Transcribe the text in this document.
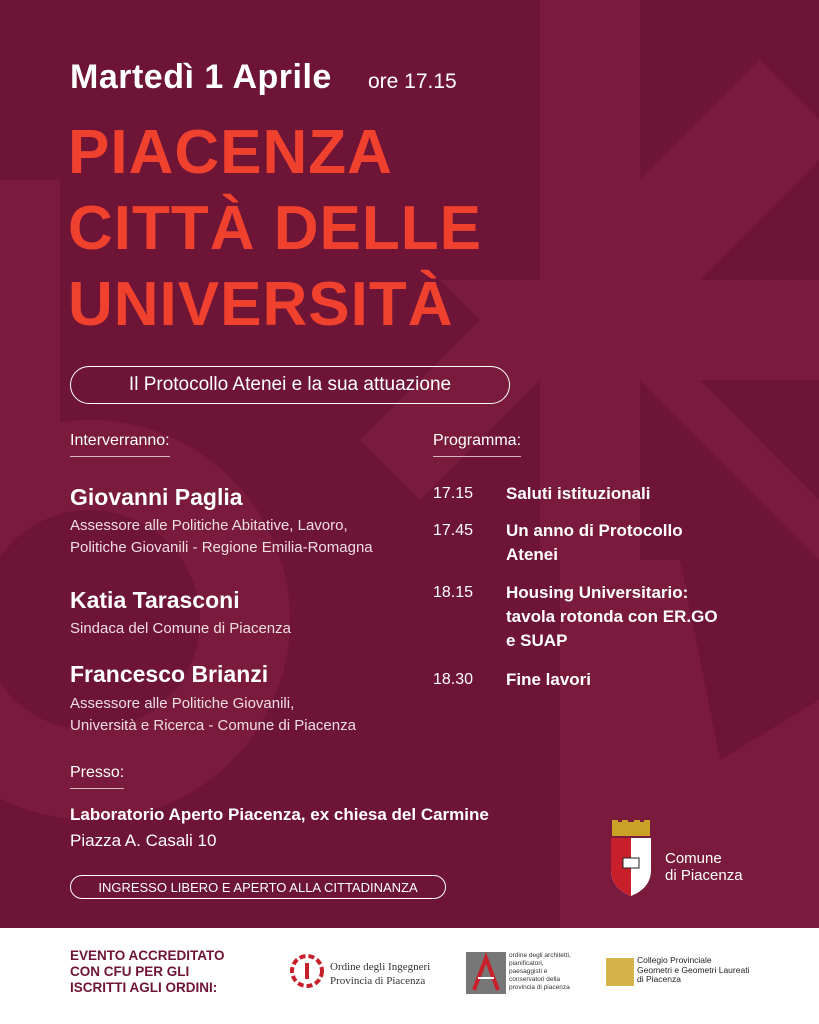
Martedì 1 Aprile ore 17.15
PIACENZA
CITTÀ DELLE
UNIVERSITÀ
Il Protocollo Atenei e la sua attuazione
Interverranno:
Giovanni Paglia
Assessore alle Politiche Abitative, Lavoro,
Politiche Giovanili - Regione Emilia-Romagna
Katia Tarasconi
Sindaca del Comune di Piacenza
Francesco Brianzi
Assessore alle Politiche Giovanili,
Università e Ricerca - Comune di Piacenza
Programma:
17.15 Saluti istituzionali
17.45 Un anno di Protocollo
Atenei
18.15 Housing Universitario:
tavola rotonda con ER.GO
e SUAP
18.30 Fine lavori
Presso:
Laboratorio Aperto Piacenza, ex chiesa del Carmine
Piazza A. Casali 10
INGRESSO LIBERO E APERTO ALLA CITTADINANZA
Comune
di Piacenza
EVENTO ACCREDITATO
CON CFU PER GLI
ISCRITTI AGLI ORDINI:
Ordine degli Ingegneri
Provincia di Piacenza
ordine degli architetti,
pianificatori,
paesaggisti e
conservatori della
provincia di piacenza
Collegio Provinciale
Geometri e Geometri Laureati
di Piacenza
